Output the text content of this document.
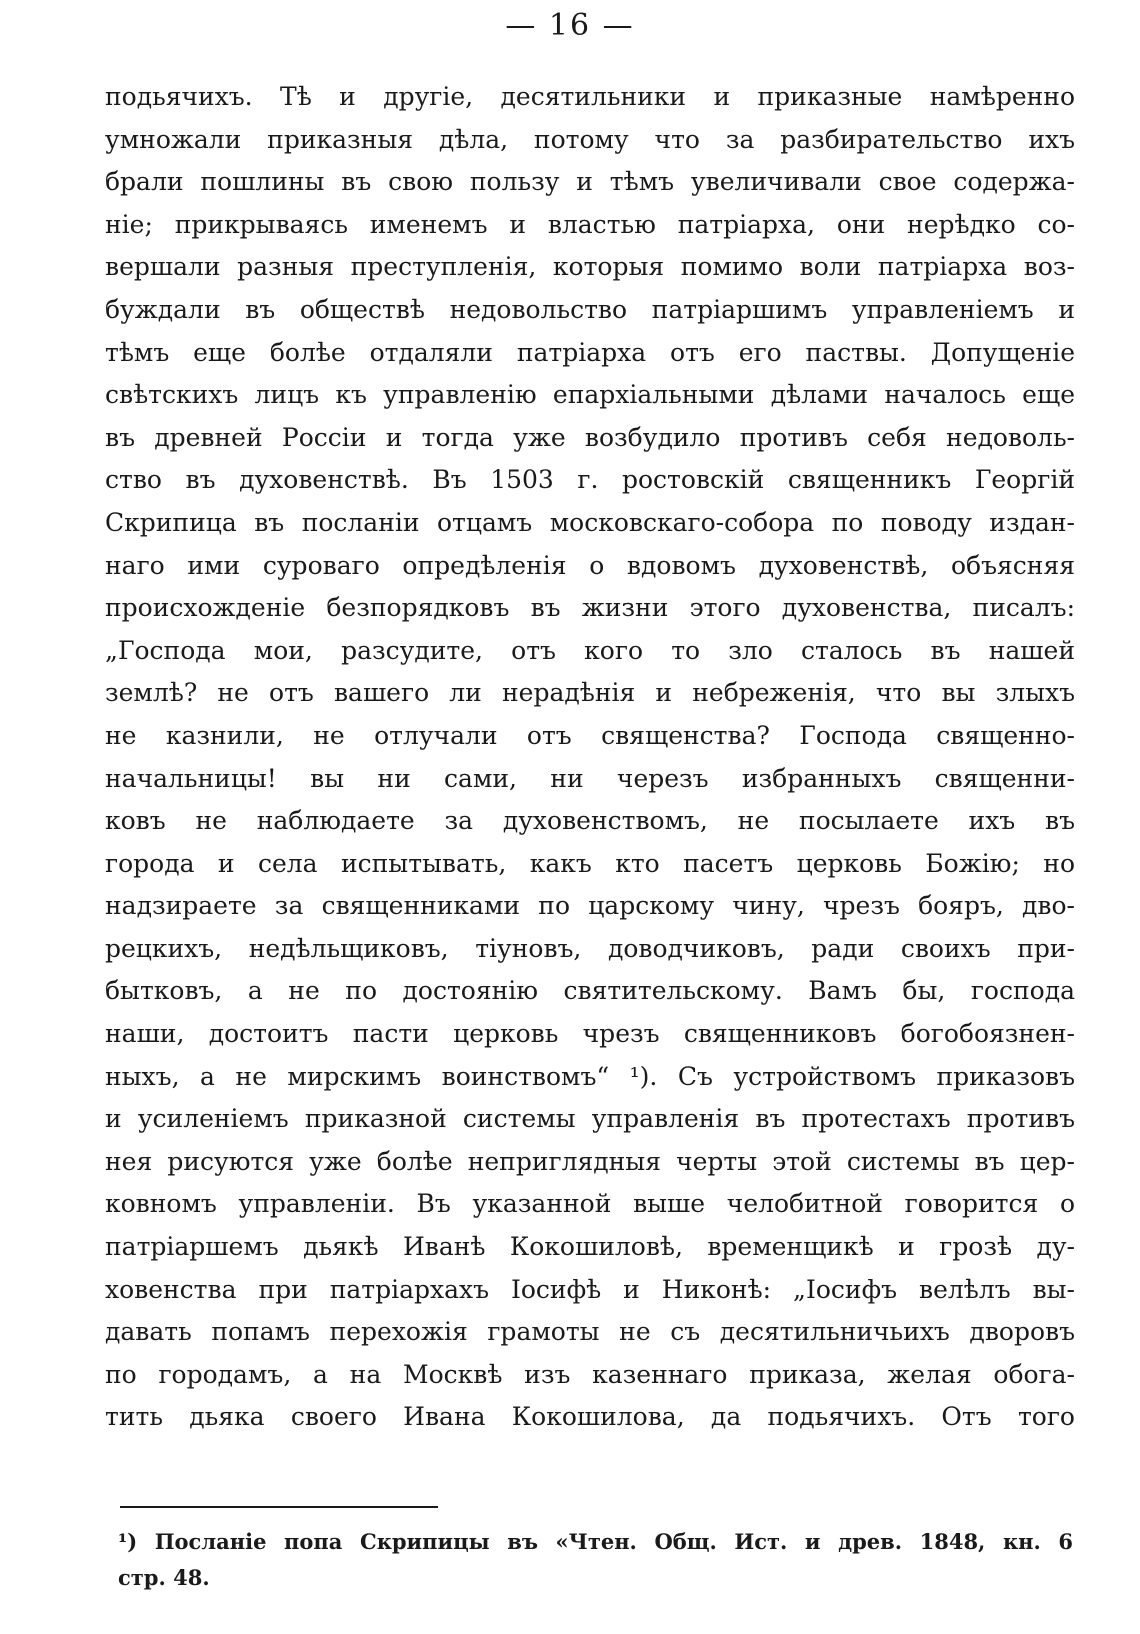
— 16 —
подьячихъ. Тѣ и другіе, десятильники и приказные намѣренно
умножали приказныя дѣла, потому что за разбирательство ихъ
брали пошлины въ свою пользу и тѣмъ увеличивали свое содержа-
ніе; прикрываясь именемъ и властью патріарха, они нерѣдко со-
вершали разныя преступленія, которыя помимо воли патріарха воз-
буждали въ обществѣ недовольство патріаршимъ управленіемъ и
тѣмъ еще болѣе отдаляли патріарха отъ его паствы. Допущеніе
свѣтскихъ лицъ къ управленію епархіальными дѣлами началось еще
въ древней Россіи и тогда уже возбудило противъ себя недоволь-
ство въ духовенствѣ. Въ 1503 г. ростовскій священникъ Георгій
Скрипица въ посланіи отцамъ московскаго-собора по поводу издан-
наго ими суроваго опредѣленія о вдовомъ духовенствѣ, объясняя
происхожденіе безпорядковъ въ жизни этого духовенства, писалъ:
„Господа мои, разсудите, отъ кого то зло сталось въ нашей
землѣ? не отъ вашего ли нерадѣнія и небреженія, что вы злыхъ
не казнили, не отлучали отъ священства? Господа священно-
начальницы! вы ни сами, ни черезъ избранныхъ священни-
ковъ не наблюдаете за духовенствомъ, не посылаете ихъ въ
города и села испытывать, какъ кто пасетъ церковь Божію; но
надзираете за священниками по царскому чину, чрезъ бояръ, дво-
рецкихъ, недѣльщиковъ, тіуновъ, доводчиковъ, ради своихъ при-
бытковъ, а не по достоянію святительскому. Вамъ бы, господа
наши, достоитъ пасти церковь чрезъ священниковъ богобоязнен-
ныхъ, а не мирскимъ воинствомъ“ ¹). Съ устройствомъ приказовъ
и усиленіемъ приказной системы управленія въ протестахъ противъ
нея рисуются уже болѣе неприглядныя черты этой системы въ цер-
ковномъ управленіи. Въ указанной выше челобитной говорится о
патріаршемъ дьякѣ Иванѣ Кокошиловѣ, временщикѣ и грозѣ ду-
ховенства при патріархахъ Іосифѣ и Никонѣ: „Іосифъ велѣлъ вы-
давать попамъ перехожія грамоты не съ десятильничьихъ дворовъ
по городамъ, а на Москвѣ изъ казеннаго приказа, желая обога-
тить дьяка своего Ивана Кокошилова, да подьячихъ. Отъ того
¹) Посланіе попа Скрипицы въ «Чтен. Общ. Ист. и древ. 1848, кн. 6
стр. 48.
